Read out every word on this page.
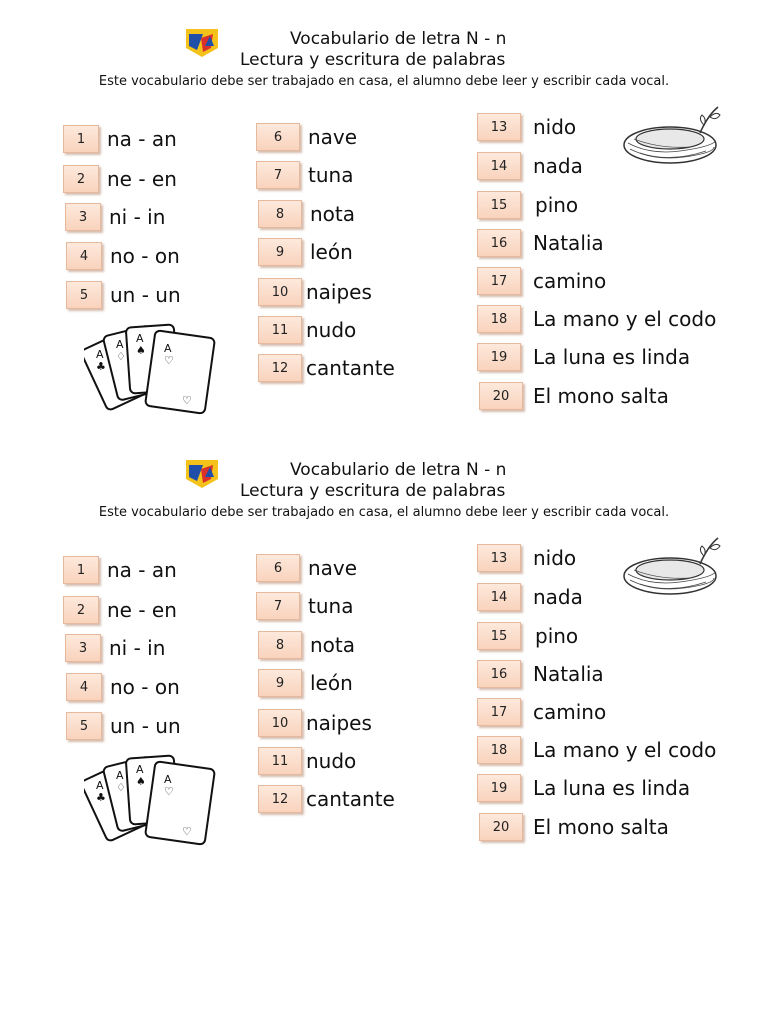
Vocabulario de letra N - n
Lectura y escritura de palabras
Este vocabulario debe ser trabajado en casa, el alumno debe leer y escribir cada vocal.
1	na - an
2	ne - en
3	ni - in
4	no - on
5	un - un
6	nave
7	tuna
8	nota
9	león
10 naipes
11 nudo
12 cantante
13	nido
14	nada
15	pino
16	Natalia
17	camino
18	La mano y el codo
19	La luna es linda
20	El mono salta
A
♣
A
♢
A
♠ A
♡
♡
Vocabulario de letra N - n
Lectura y escritura de palabras
Este vocabulario debe ser trabajado en casa, el alumno debe leer y escribir cada vocal.
1	na - an
2	ne - en
3	ni - in
4	no - on
5	un - un
6	nave
7	tuna
8	nota
9	león
10 naipes
11 nudo
12 cantante
13	nido
14	nada
15	pino
16	Natalia
17	camino
18	La mano y el codo
19	La luna es linda
20	El mono salta
A
♣
A
♢
A
♠ A
♡
♡
